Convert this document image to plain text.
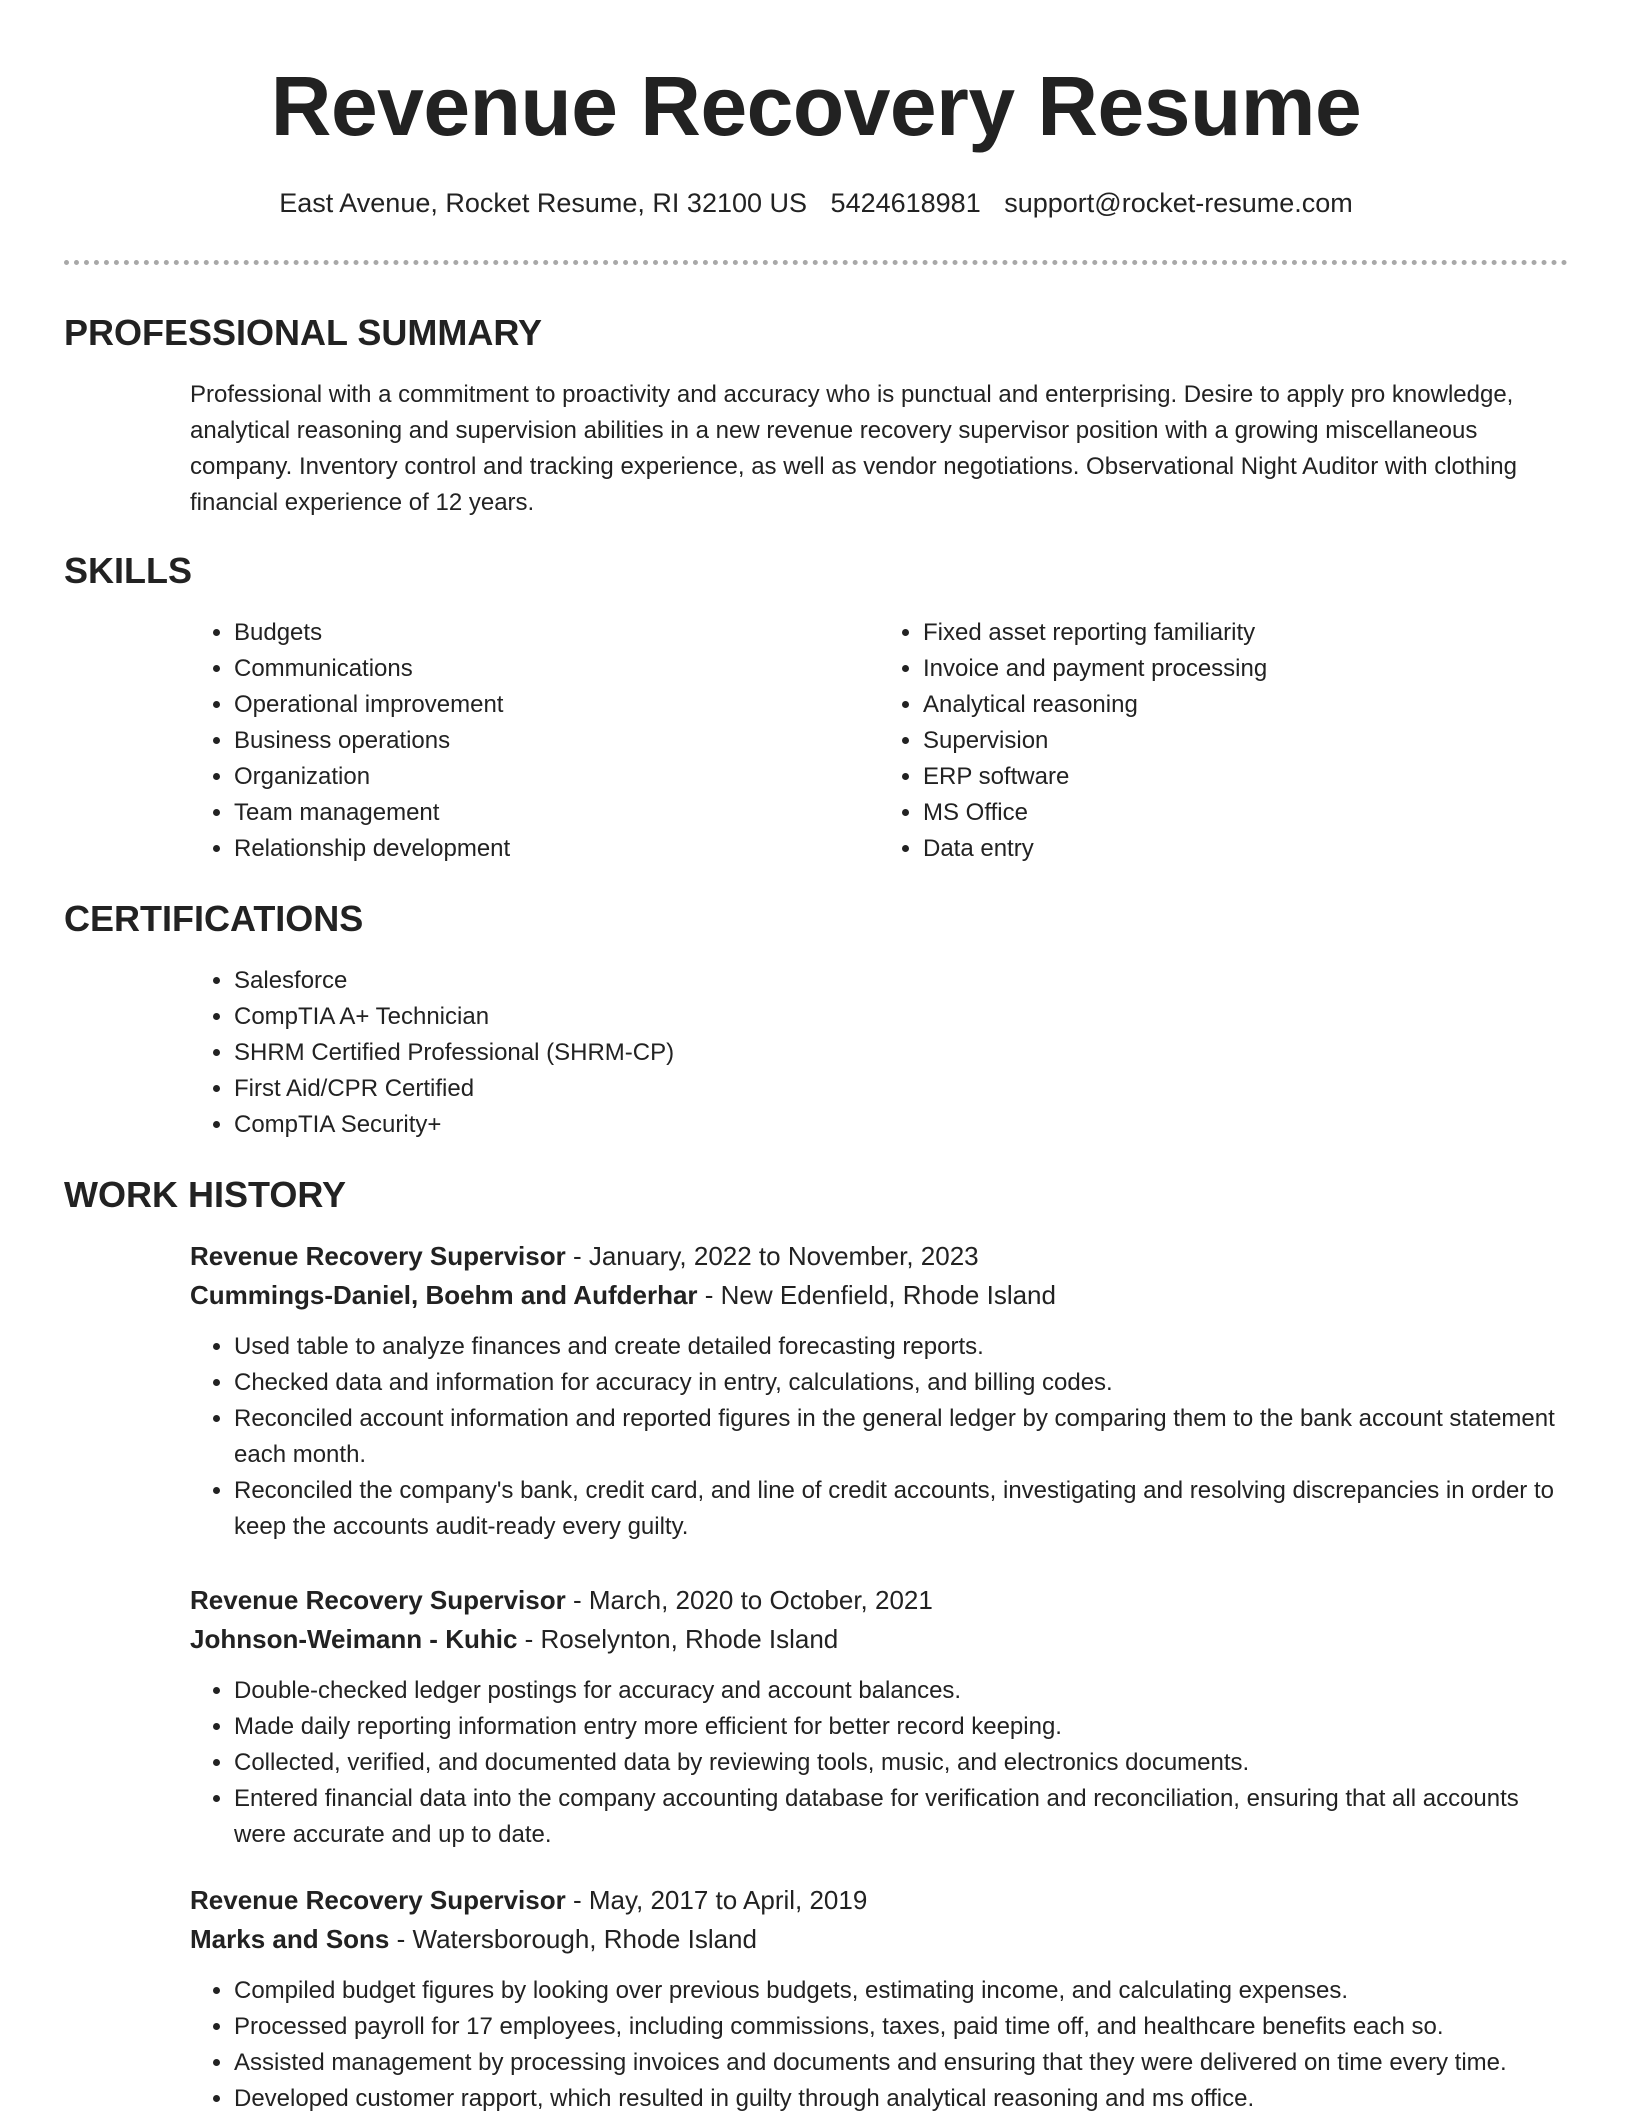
Revenue Recovery Resume
East Avenue, Rocket Resume, RI 32100 US 5424618981 support@rocket-resume.com
PROFESSIONAL SUMMARY

Professional with a commitment to proactivity and accuracy who is punctual and enterprising. Desire to apply pro knowledge, analytical reasoning and supervision abilities in a new revenue recovery supervisor position with a growing miscellaneous company. Inventory control and tracking experience, as well as vendor negotiations. Observational Night Auditor with clothing financial experience of 12 years.

SKILLS
• Budgets
• Communications
• Operational improvement
• Business operations
• Organization
• Team management
• Relationship development
• Fixed asset reporting familiarity
• Invoice and payment processing
• Analytical reasoning
• Supervision
• ERP software
• MS Office
• Data entry
CERTIFICATIONS
• Salesforce
• CompTIA A+ Technician
• SHRM Certified Professional (SHRM-CP)
• First Aid/CPR Certified
• CompTIA Security+
WORK HISTORY
Revenue Recovery Supervisor - January, 2022 to November, 2023
Cummings-Daniel, Boehm and Aufderhar - New Edenfield, Rhode Island
• Used table to analyze finances and create detailed forecasting reports.
• Checked data and information for accuracy in entry, calculations, and billing codes.
• Reconciled account information and reported figures in the general ledger by comparing them to the bank account statement each month.
• Reconciled the company's bank, credit card, and line of credit accounts, investigating and resolving discrepancies in order to keep the accounts audit-ready every guilty.
Revenue Recovery Supervisor - March, 2020 to October, 2021
Johnson-Weimann - Kuhic - Roselynton, Rhode Island
• Double-checked ledger postings for accuracy and account balances.
• Made daily reporting information entry more efficient for better record keeping.
• Collected, verified, and documented data by reviewing tools, music, and electronics documents.
• Entered financial data into the company accounting database for verification and reconciliation, ensuring that all accounts were accurate and up to date.
Revenue Recovery Supervisor - May, 2017 to April, 2019
Marks and Sons - Watersborough, Rhode Island
• Compiled budget figures by looking over previous budgets, estimating income, and calculating expenses.
• Processed payroll for 17 employees, including commissions, taxes, paid time off, and healthcare benefits each so.
• Assisted management by processing invoices and documents and ensuring that they were delivered on time every time.
• Developed customer rapport, which resulted in guilty through analytical reasoning and ms office.
